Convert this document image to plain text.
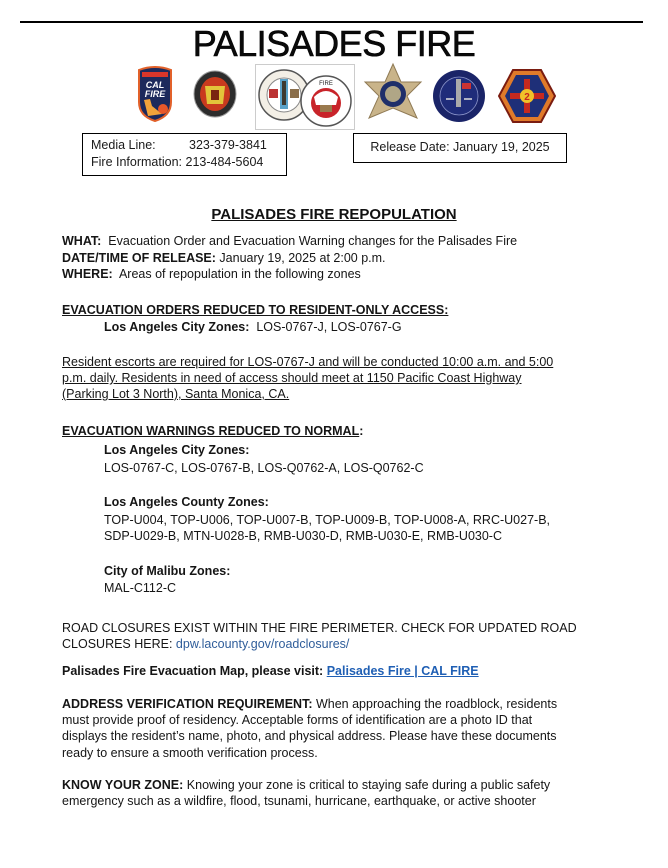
PALISADES FIRE
CAL
FIRE
FIRE
2
Media Line:	323-379-3841
Fire Information: 213-484-5604
Release Date: January 19, 2025
PALISADES FIRE REPOPULATION
WHAT: Evacuation Order and Evacuation Warning changes for the Palisades Fire
DATE/TIME OF RELEASE: January 19, 2025 at 2:00 p.m.
WHERE: Areas of repopulation in the following zones
EVACUATION ORDERS REDUCED TO RESIDENT-ONLY ACCESS:
Los Angeles City Zones: LOS-0767-J, LOS-0767-G
Resident escorts are required for LOS-0767-J and will be conducted 10:00 a.m. and 5:00
p.m. daily. Residents in need of access should meet at 1150 Pacific Coast Highway
(Parking Lot 3 North), Santa Monica, CA.
EVACUATION WARNINGS REDUCED TO NORMAL:
Los Angeles City Zones:
LOS-0767-C, LOS-0767-B, LOS-Q0762-A, LOS-Q0762-C
Los Angeles County Zones:
TOP-U004, TOP-U006, TOP-U007-B, TOP-U009-B, TOP-U008-A, RRC-U027-B,
SDP-U029-B, MTN-U028-B, RMB-U030-D, RMB-U030-E, RMB-U030-C
City of Malibu Zones:
MAL-C112-C
ROAD CLOSURES EXIST WITHIN THE FIRE PERIMETER. CHECK FOR UPDATED ROAD
CLOSURES HERE: dpw.lacounty.gov/roadclosures/
Palisades Fire Evacuation Map, please visit: Palisades Fire | CAL FIRE
ADDRESS VERIFICATION REQUIREMENT: When approaching the roadblock, residents
must provide proof of residency. Acceptable forms of identification are a photo ID that
displays the resident’s name, photo, and physical address. Please have these documents
ready to ensure a smooth verification process.
KNOW YOUR ZONE: Knowing your zone is critical to staying safe during a public safety
emergency such as a wildfire, flood, tsunami, hurricane, earthquake, or active shooter
